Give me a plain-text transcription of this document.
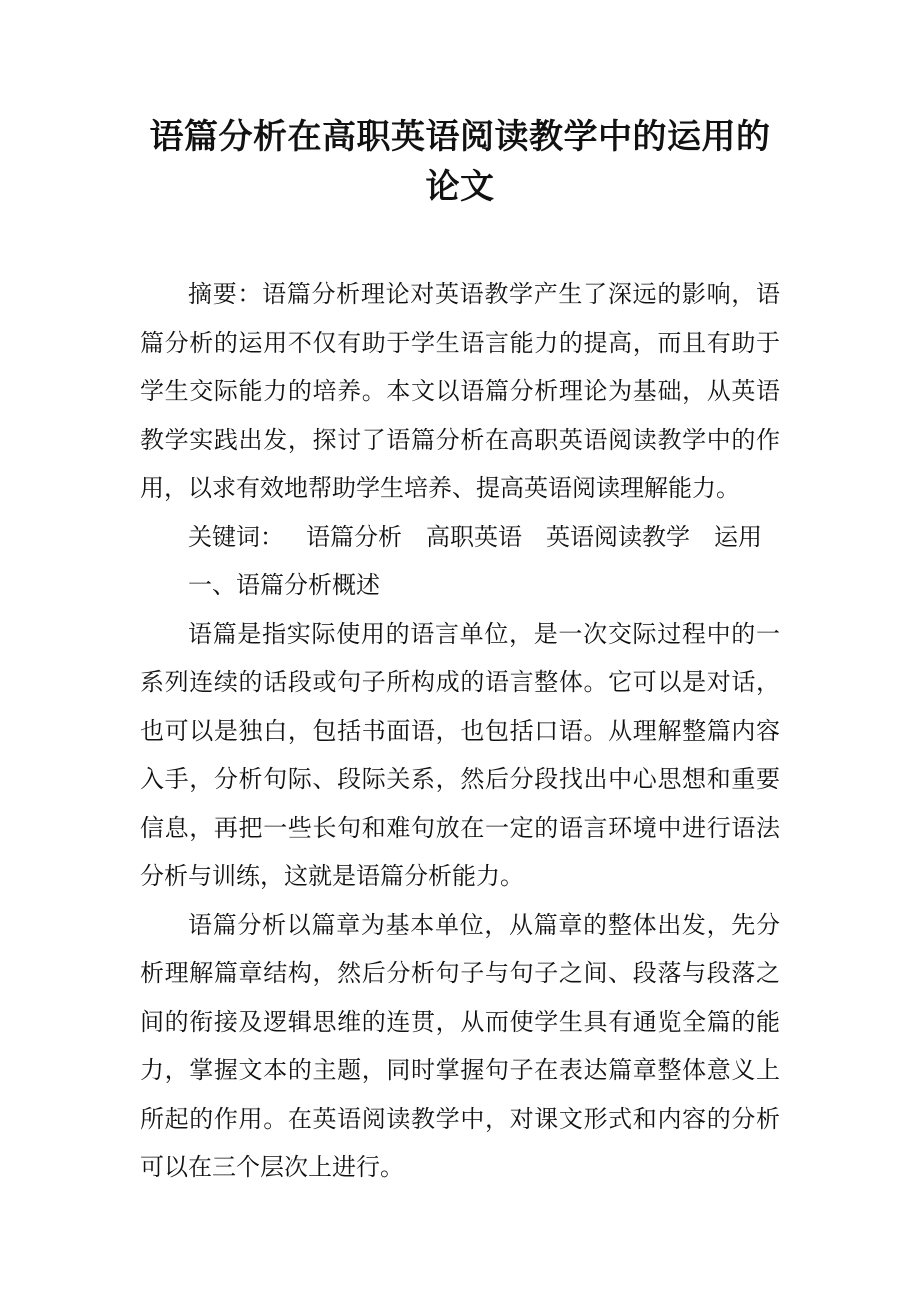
语篇分析在高职英语阅读教学中的运用的
论文

摘要：语篇分析理论对英语教学产生了深远的影响，语篇分析的运用不仅有助于学生语言能力的提高，而且有助于学生交际能力的培养。本文以语篇分析理论为基础，从英语教学实践出发，探讨了语篇分析在高职英语阅读教学中的作用，以求有效地帮助学生培养、提高英语阅读理解能力。

关键词： 语篇分析 高职英语 英语阅读教学 运用

一、语篇分析概述

语篇是指实际使用的语言单位，是一次交际过程中的一系列连续的话段或句子所构成的语言整体。它可以是对话，也可以是独白，包括书面语，也包括口语。从理解整篇内容入手，分析句际、段际关系，然后分段找出中心思想和重要信息，再把一些长句和难句放在一定的语言环境中进行语法分析与训练，这就是语篇分析能力。

语篇分析以篇章为基本单位，从篇章的整体出发，先分析理解篇章结构，然后分析句子与句子之间、段落与段落之间的衔接及逻辑思维的连贯，从而使学生具有通览全篇的能力，掌握文本的主题，同时掌握句子在表达篇章整体意义上所起的作用。在英语阅读教学中，对课文形式和内容的分析可以在三个层次上进行。
